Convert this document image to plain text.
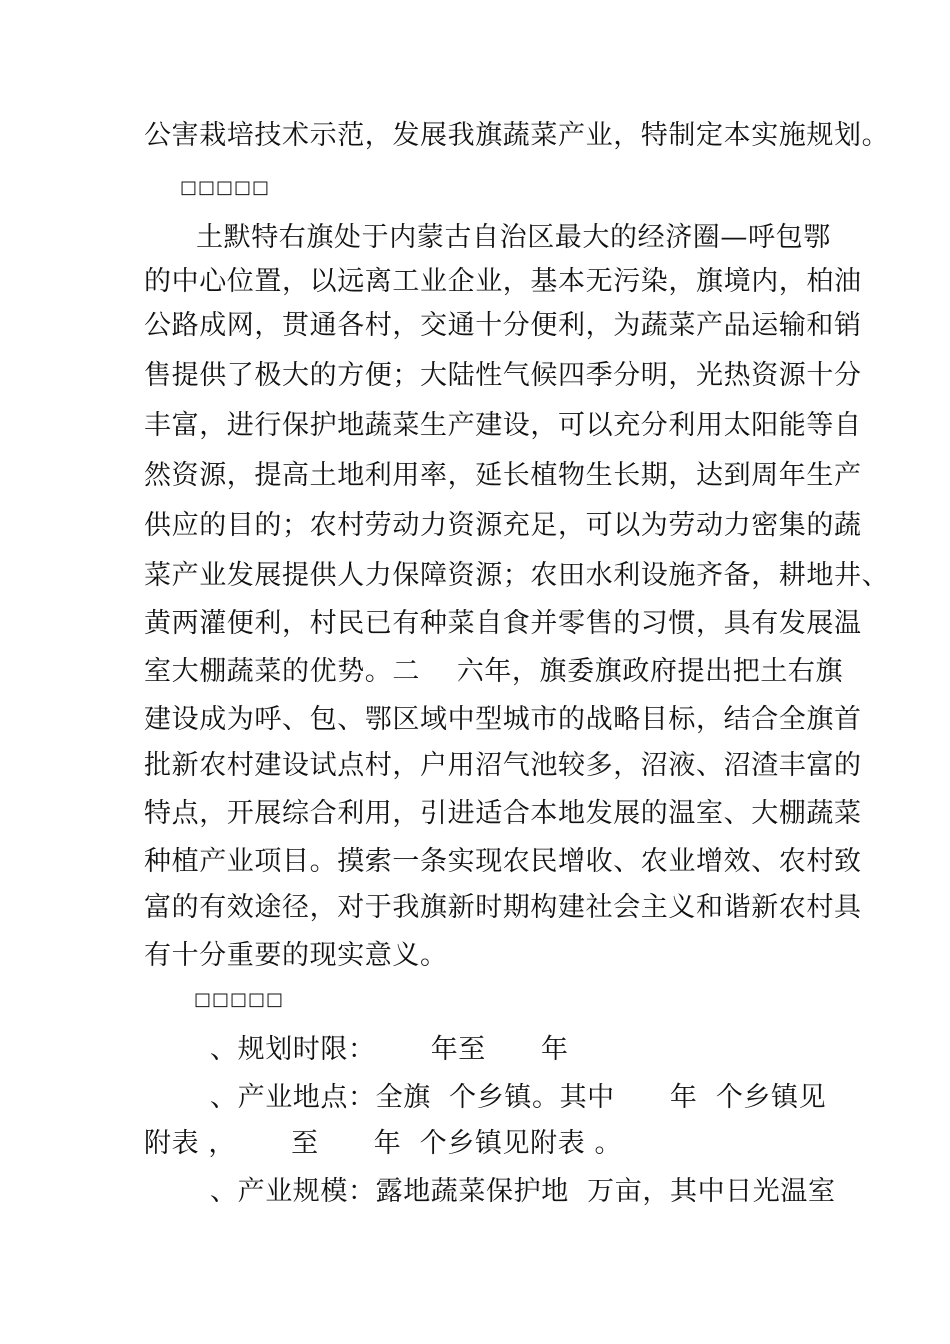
公害栽培技术示范，发展我旗蔬菜产业，特制定本实施规划。
□□□□□
土默特右旗处于内蒙古自治区最大的经济圈—呼包鄂
的中心位置，以远离工业企业，基本无污染，旗境内，柏油
公路成网，贯通各村，交通十分便利，为蔬菜产品运输和销
售提供了极大的方便；大陆性气候四季分明，光热资源十分
丰富，进行保护地蔬菜生产建设，可以充分利用太阳能等自
然资源，提高土地利用率，延长植物生长期，达到周年生产
供应的目的；农村劳动力资源充足，可以为劳动力密集的蔬
菜产业发展提供人力保障资源；农田水利设施齐备，耕地井、
黄两灌便利，村民已有种菜自食并零售的习惯，具有发展温
室大棚蔬菜的优势。二    六年，旗委旗政府提出把土右旗
建设成为呼、包、鄂区域中型城市的战略目标，结合全旗首
批新农村建设试点村，户用沼气池较多，沼液、沼渣丰富的
特点，开展综合利用，引进适合本地发展的温室、大棚蔬菜
种植产业项目。摸索一条实现农民增收、农业增效、农村致
富的有效途径，对于我旗新时期构建社会主义和谐新农村具
有十分重要的现实意义。
□□□□□
、规划时限：      年至      年
、产业地点：全旗  个乡镇。其中      年  个乡镇见
附表 ，      至      年  个乡镇见附表 。
、产业规模：露地蔬菜保护地  万亩，其中日光温室
